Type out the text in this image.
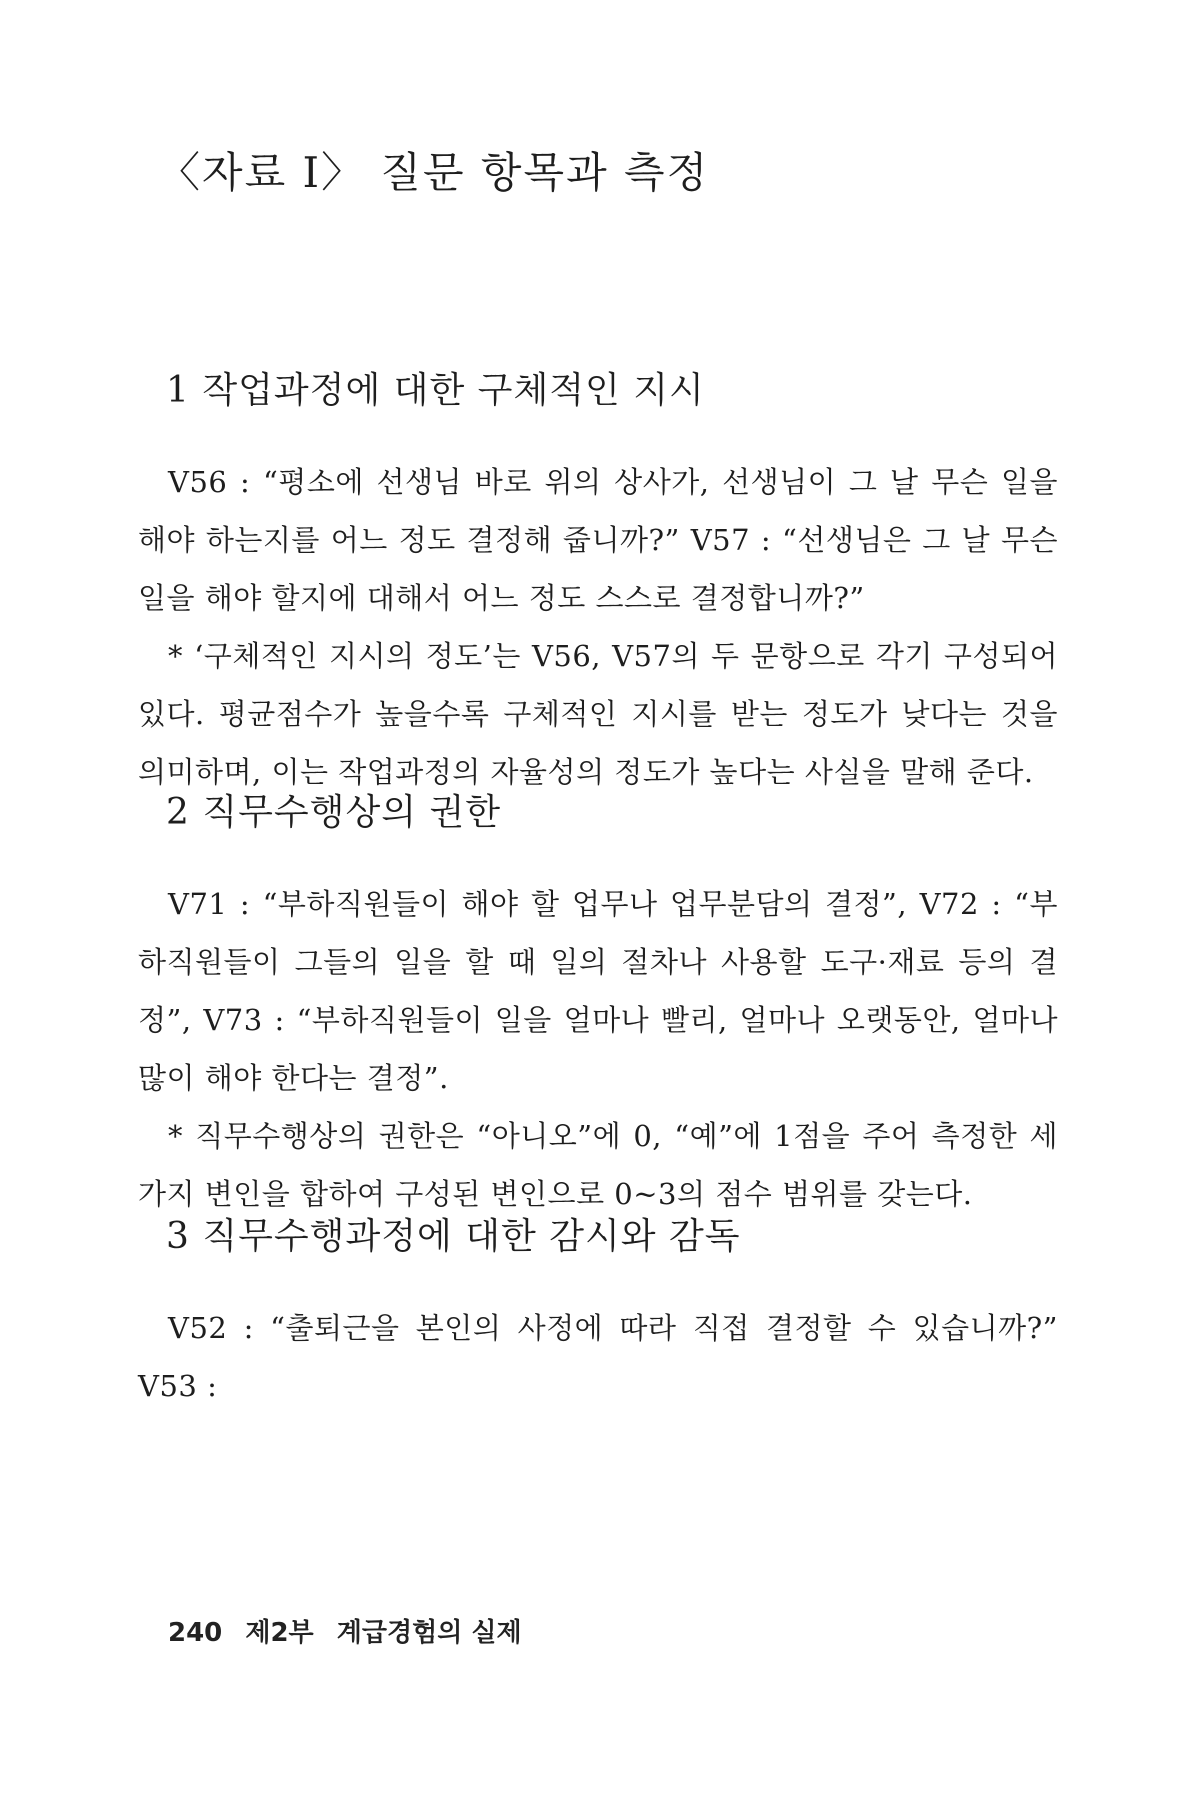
〈자료 I〉 질문 항목과 측정
1 작업과정에 대한 구체적인 지시

V56 : “평소에 선생님 바로 위의 상사가, 선생님이 그 날 무슨 일을 해야 하는지를 어느 정도 결정해 줍니까?” V57 : “선생님은 그 날 무슨 일을 해야 할지에 대해서 어느 정도 스스로 결정합니까?”

* ‘구체적인 지시의 정도’는 V56, V57의 두 문항으로 각기 구성되어 있다. 평균점수가 높을수록 구체적인 지시를 받는 정도가 낮다는 것을 의미하며, 이는 작업과정의 자율성의 정도가 높다는 사실을 말해 준다.

2 직무수행상의 권한

V71 : “부하직원들이 해야 할 업무나 업무분담의 결정”, V72 : “부하직원들이 그들의 일을 할 때 일의 절차나 사용할 도구·재료 등의 결정”, V73 : “부하직원들이 일을 얼마나 빨리, 얼마나 오랫동안, 얼마나 많이 해야 한다는 결정”.

* 직무수행상의 권한은 “아니오”에 0, “예”에 1점을 주어 측정한 세 가지 변인을 합하여 구성된 변인으로 0~3의 점수 범위를 갖는다.

3 직무수행과정에 대한 감시와 감독

V52 : “출퇴근을 본인의 사정에 따라 직접 결정할 수 있습니까?” V53 :

240 제2부 계급경험의 실제
